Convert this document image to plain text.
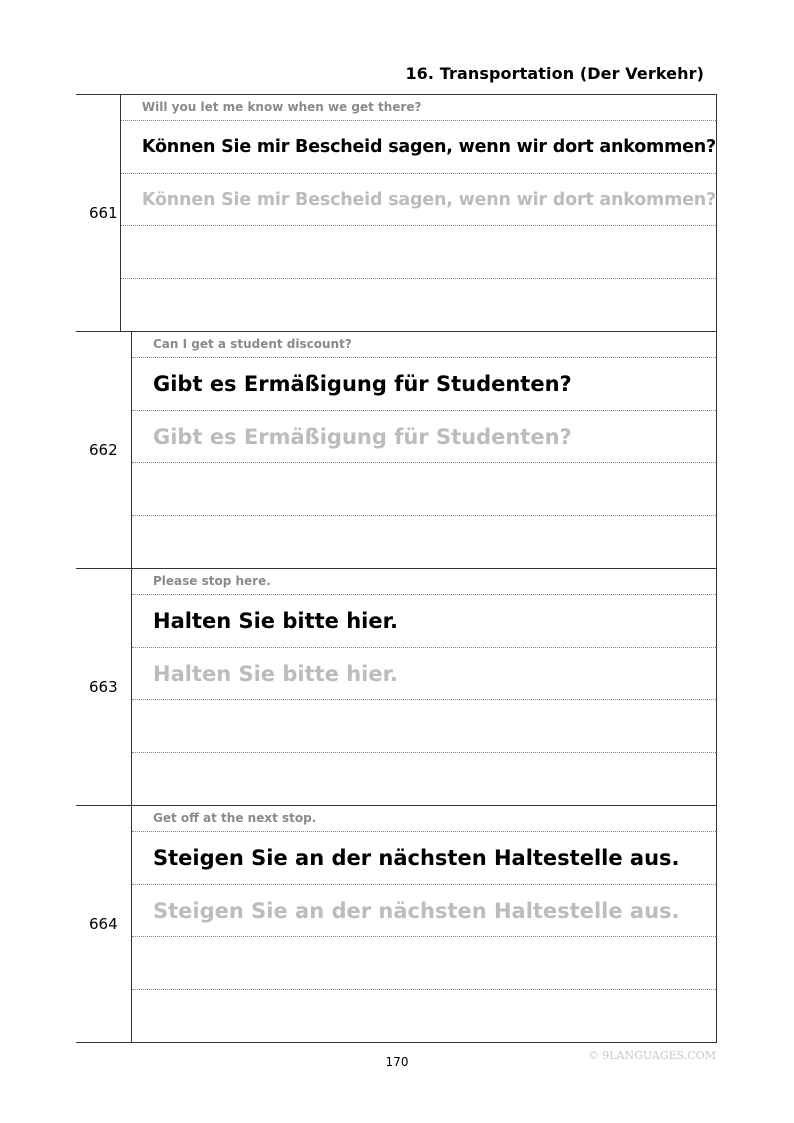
16. Transportation (Der Verkehr)
661
Will you let me know when we get there?
Können Sie mir Bescheid sagen, wenn wir dort ankommen?
Können Sie mir Bescheid sagen, wenn wir dort ankommen?
662
Can I get a student discount?
Gibt es Ermäßigung für Studenten?
Gibt es Ermäßigung für Studenten?
663
Please stop here.
Halten Sie bitte hier.
Halten Sie bitte hier.
664
Get off at the next stop.
Steigen Sie an der nächsten Haltestelle aus.
Steigen Sie an der nächsten Haltestelle aus.
170	© 9LANGUAGES.COM
